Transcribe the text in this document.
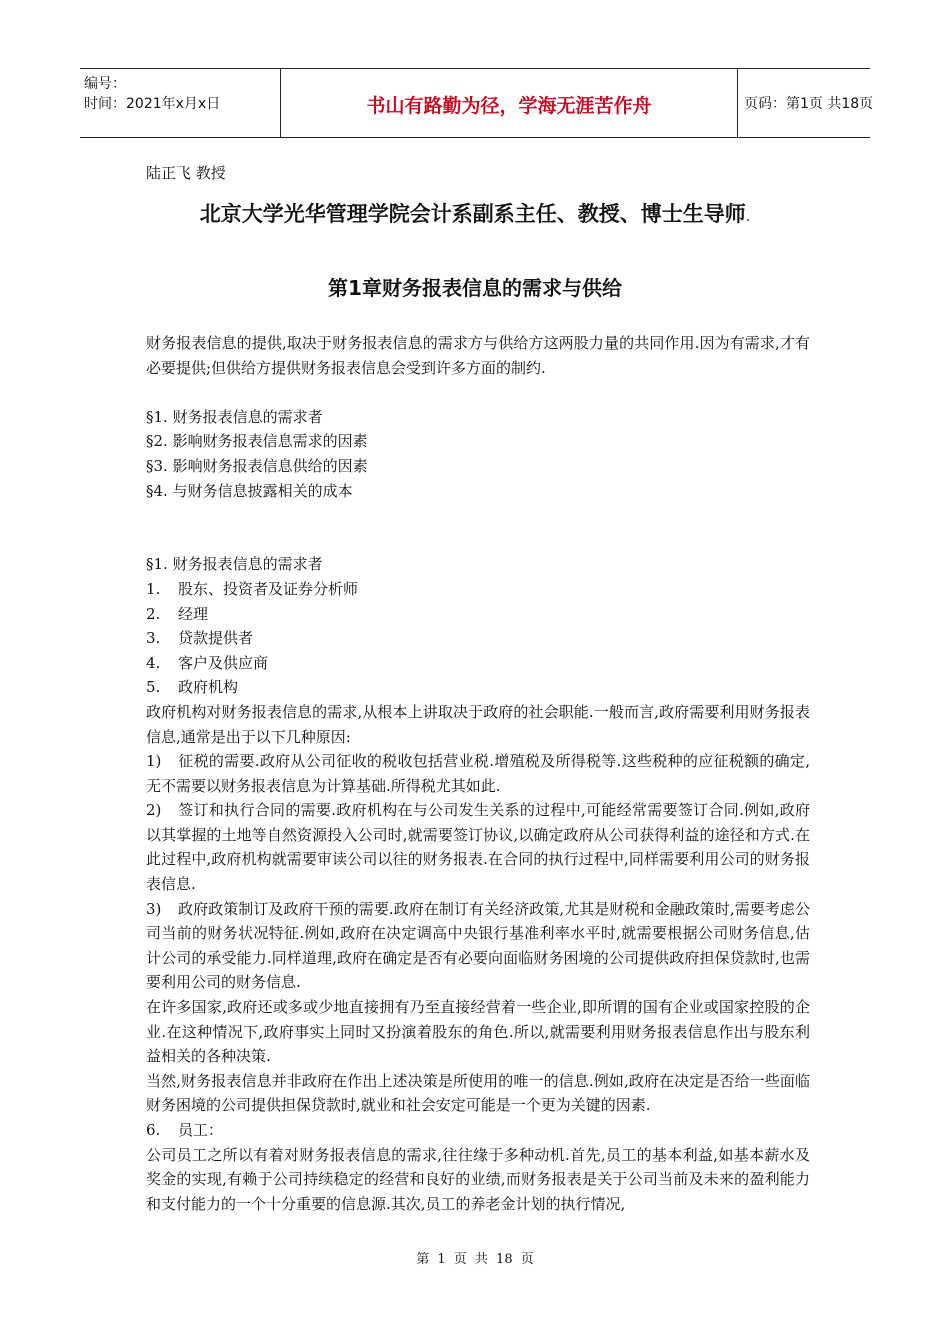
编号：
时间：2021年x月x日	书山有路勤为径，学海无涯苦作舟	页码：第1页 共18页
陆正飞 教授
北京大学光华管理学院会计系副系主任、教授、博士生导师.
第1章财务报表信息的需求与供给

财务报表信息的提供,取决于财务报表信息的需求方与供给方这两股力量的共同作用.因为有需求,才有必要提供;但供给方提供财务报表信息会受到许多方面的制约.

§1. 财务报表信息的需求者

§2. 影响财务报表信息需求的因素

§3. 影响财务报表信息供给的因素

§4. 与财务信息披露相关的成本

§1. 财务报表信息的需求者

1. 股东、投资者及证券分析师

2. 经理

3. 贷款提供者

4. 客户及供应商

5. 政府机构

政府机构对财务报表信息的需求,从根本上讲取决于政府的社会职能.一般而言,政府需要利用财务报表信息,通常是出于以下几种原因:

1) 征税的需要.政府从公司征收的税收包括营业税.增殖税及所得税等.这些税种的应征税额的确定,无不需要以财务报表信息为计算基础.所得税尤其如此.

2) 签订和执行合同的需要.政府机构在与公司发生关系的过程中,可能经常需要签订合同.例如,政府以其掌握的土地等自然资源投入公司时,就需要签订协议,以确定政府从公司获得利益的途径和方式.在此过程中,政府机构就需要审读公司以往的财务报表.在合同的执行过程中,同样需要利用公司的财务报表信息.

3) 政府政策制订及政府干预的需要.政府在制订有关经济政策,尤其是财税和金融政策时,需要考虑公司当前的财务状况特征.例如,政府在决定调高中央银行基准利率水平时,就需要根据公司财务信息,估计公司的承受能力.同样道理,政府在确定是否有必要向面临财务困境的公司提供政府担保贷款时,也需要利用公司的财务信息.

在许多国家,政府还或多或少地直接拥有乃至直接经营着一些企业,即所谓的国有企业或国家控股的企业.在这种情况下,政府事实上同时又扮演着股东的角色.所以,就需要利用财务报表信息作出与股东利益相关的各种决策.

当然,财务报表信息并非政府在作出上述决策是所使用的唯一的信息.例如,政府在决定是否给一些面临财务困境的公司提供担保贷款时,就业和社会安定可能是一个更为关键的因素.

6. 员工：

公司员工之所以有着对财务报表信息的需求,往往缘于多种动机.首先,员工的基本利益,如基本薪水及奖金的实现,有赖于公司持续稳定的经营和良好的业绩,而财务报表是关于公司当前及未来的盈利能力和支付能力的一个十分重要的信息源.其次,员工的养老金计划的执行情况,

第 1 页 共 18 页
